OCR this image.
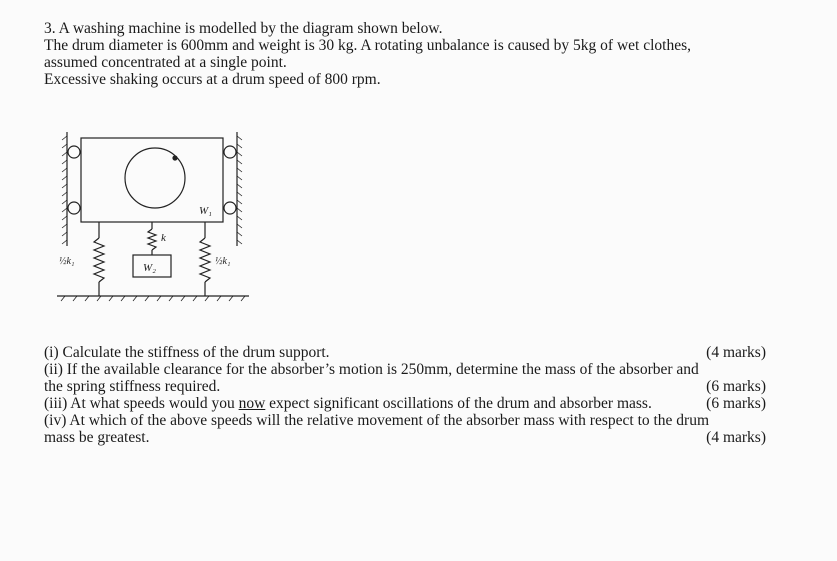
3. A washing machine is modelled by the diagram shown below.

The drum diameter is 600mm and weight is 30 kg. A rotating unbalance is caused by 5kg of wet clothes,

assumed concentrated at a single point.

Excessive shaking occurs at a drum speed of 800 rpm.

W₁
W₂
k
½k₁	½k₁
(i) Calculate the stiffness of the drum support.	(4 marks)
(ii) If the available clearance for the absorber’s motion is 250mm, determine the mass of the absorber and
the spring stiffness required.	(6 marks)
(iii) At what speeds would you now expect significant oscillations of the drum and absorber mass.	(6 marks)
(iv) At which of the above speeds will the relative movement of the absorber mass with respect to the drum
mass be greatest.	(4 marks)
